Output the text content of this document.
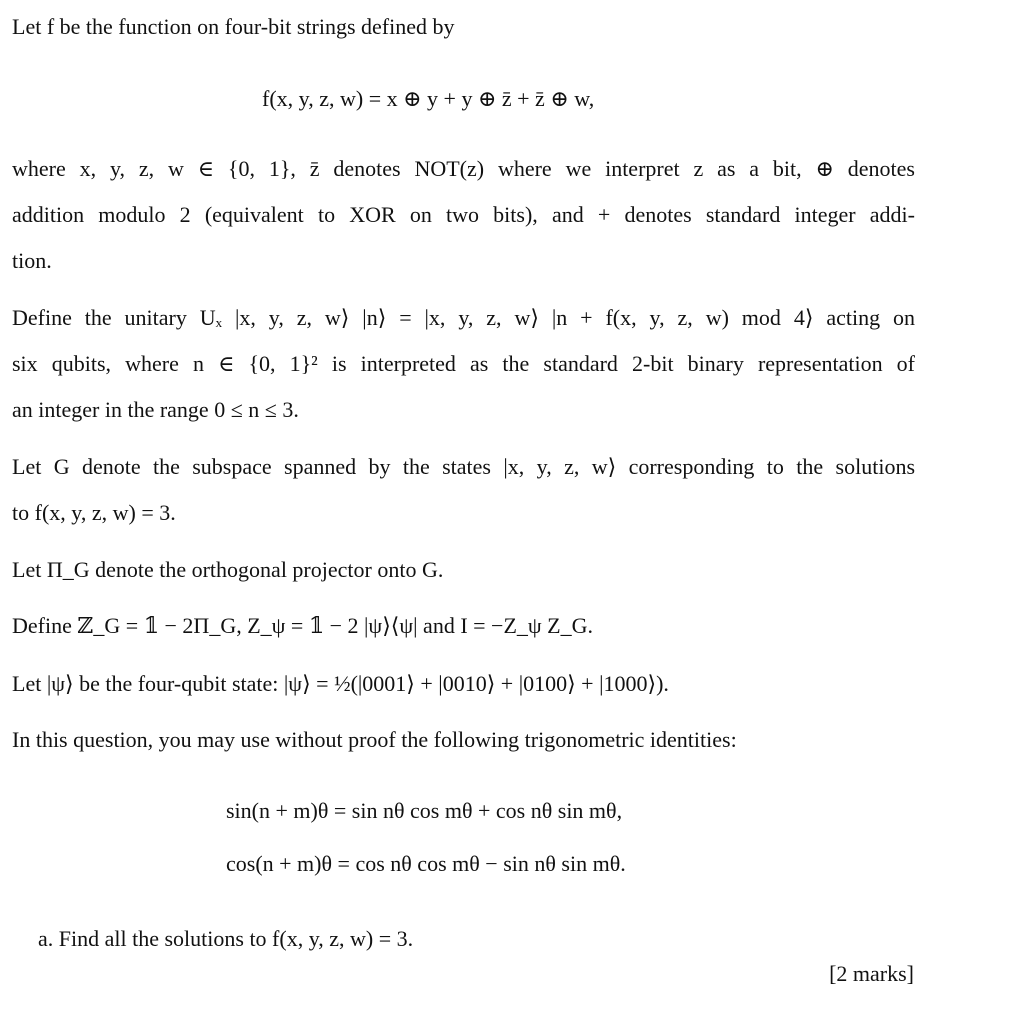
Let f be the function on four-bit strings defined by
f(x, y, z, w) = x ⊕ y + y ⊕ z̄ + z̄ ⊕ w,
where x, y, z, w ∈ {0, 1}, z̄ denotes NOT(z) where we interpret z as a bit, ⊕ denotes
addition modulo 2 (equivalent to XOR on two bits), and + denotes standard integer addi-
tion.
Define the unitary Uₓ |x, y, z, w⟩ |n⟩ = |x, y, z, w⟩ |n + f(x, y, z, w) mod 4⟩ acting on
six qubits, where n ∈ {0, 1}² is interpreted as the standard 2-bit binary representation of
an integer in the range 0 ≤ n ≤ 3.
Let G denote the subspace spanned by the states |x, y, z, w⟩ corresponding to the solutions
to f(x, y, z, w) = 3.
Let Π_G denote the orthogonal projector onto G.
Define ℤ_G = 𝟙 − 2Π_G, Z_ψ = 𝟙 − 2 |ψ⟩⟨ψ| and I = −Z_ψ Z_G.
Let |ψ⟩ be the four-qubit state: |ψ⟩ = ½(|0001⟩ + |0010⟩ + |0100⟩ + |1000⟩).
In this question, you may use without proof the following trigonometric identities:
sin(n + m)θ = sin nθ cos mθ + cos nθ sin mθ,
cos(n + m)θ = cos nθ cos mθ − sin nθ sin mθ.
a. Find all the solutions to f(x, y, z, w) = 3.
[2 marks]
